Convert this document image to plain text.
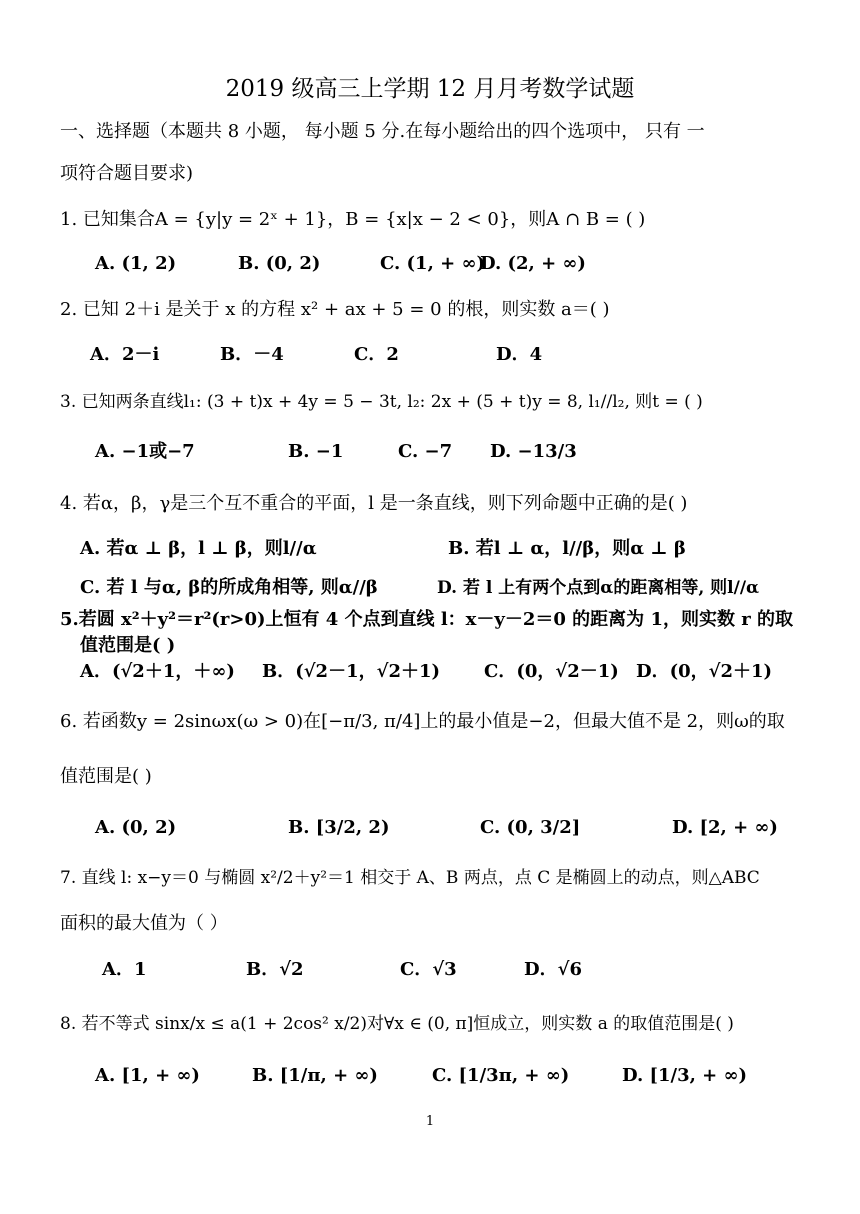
2019 级高三上学期 12 月月考数学试题
一、选择题（本题共 8 小题， 每小题 5 分.在每小题给出的四个选项中， 只有 一
项符合题目要求)
1. 已知集合A = {y|y = 2ˣ + 1}，B = {x|x − 2 < 0}，则A ∩ B = ( )
A. (1, 2)	B. (0, 2)	C. (1, + ∞)
D. (2, + ∞)
2. 已知 2＋i 是关于 x 的方程 x² + ax + 5 = 0 的根，则实数 a＝( )
A．2－i	B．－4	C．2	D．4
3. 已知两条直线l₁: (3 + t)x + 4y = 5 − 3t, l₂: 2x + (5 + t)y = 8, l₁//l₂, 则t = ( )
A. −1或−7	B. −1	C. −7 D. −13/3
4. 若α，β，γ是三个互不重合的平面，l 是一条直线，则下列命题中正确的是( )
A. 若α ⊥ β，l ⊥ β，则l//α	B. 若l ⊥ α，l//β，则α ⊥ β
C. 若 l 与α, β的所成角相等, 则α//β	D. 若 l 上有两个点到α的距离相等, 则l//α
5.若圆 x²＋y²＝r²(r>0)上恒有 4 个点到直线 l：x－y－2＝0 的距离为 1，则实数 r 的取
值范围是( )
A．(√2＋1，＋∞) B．(√2－1，√2＋1) C．(0，√2－1) D．(0，√2＋1)
6. 若函数y = 2sinωx(ω > 0)在[−π/3, π/4]上的最小值是−2，但最大值不是 2，则ω的取
值范围是( )
A. (0, 2)	B. [3/2, 2)	C. (0, 3/2]	D. [2, + ∞)
7. 直线 l: x−y＝0 与椭圆 x²/2＋y²＝1 相交于 A、B 两点，点 C 是椭圆上的动点，则△ABC
面积的最大值为（ ）
A．1	B．√2	C．√3	D．√6
8. 若不等式 sinx/x ≤ a(1 + 2cos² x/2)对∀x ∈ (0, π]恒成立，则实数 a 的取值范围是( )
A. [1, + ∞)	B. [1/π, + ∞)	C. [1/3π, + ∞)	D. [1/3, + ∞)
1
